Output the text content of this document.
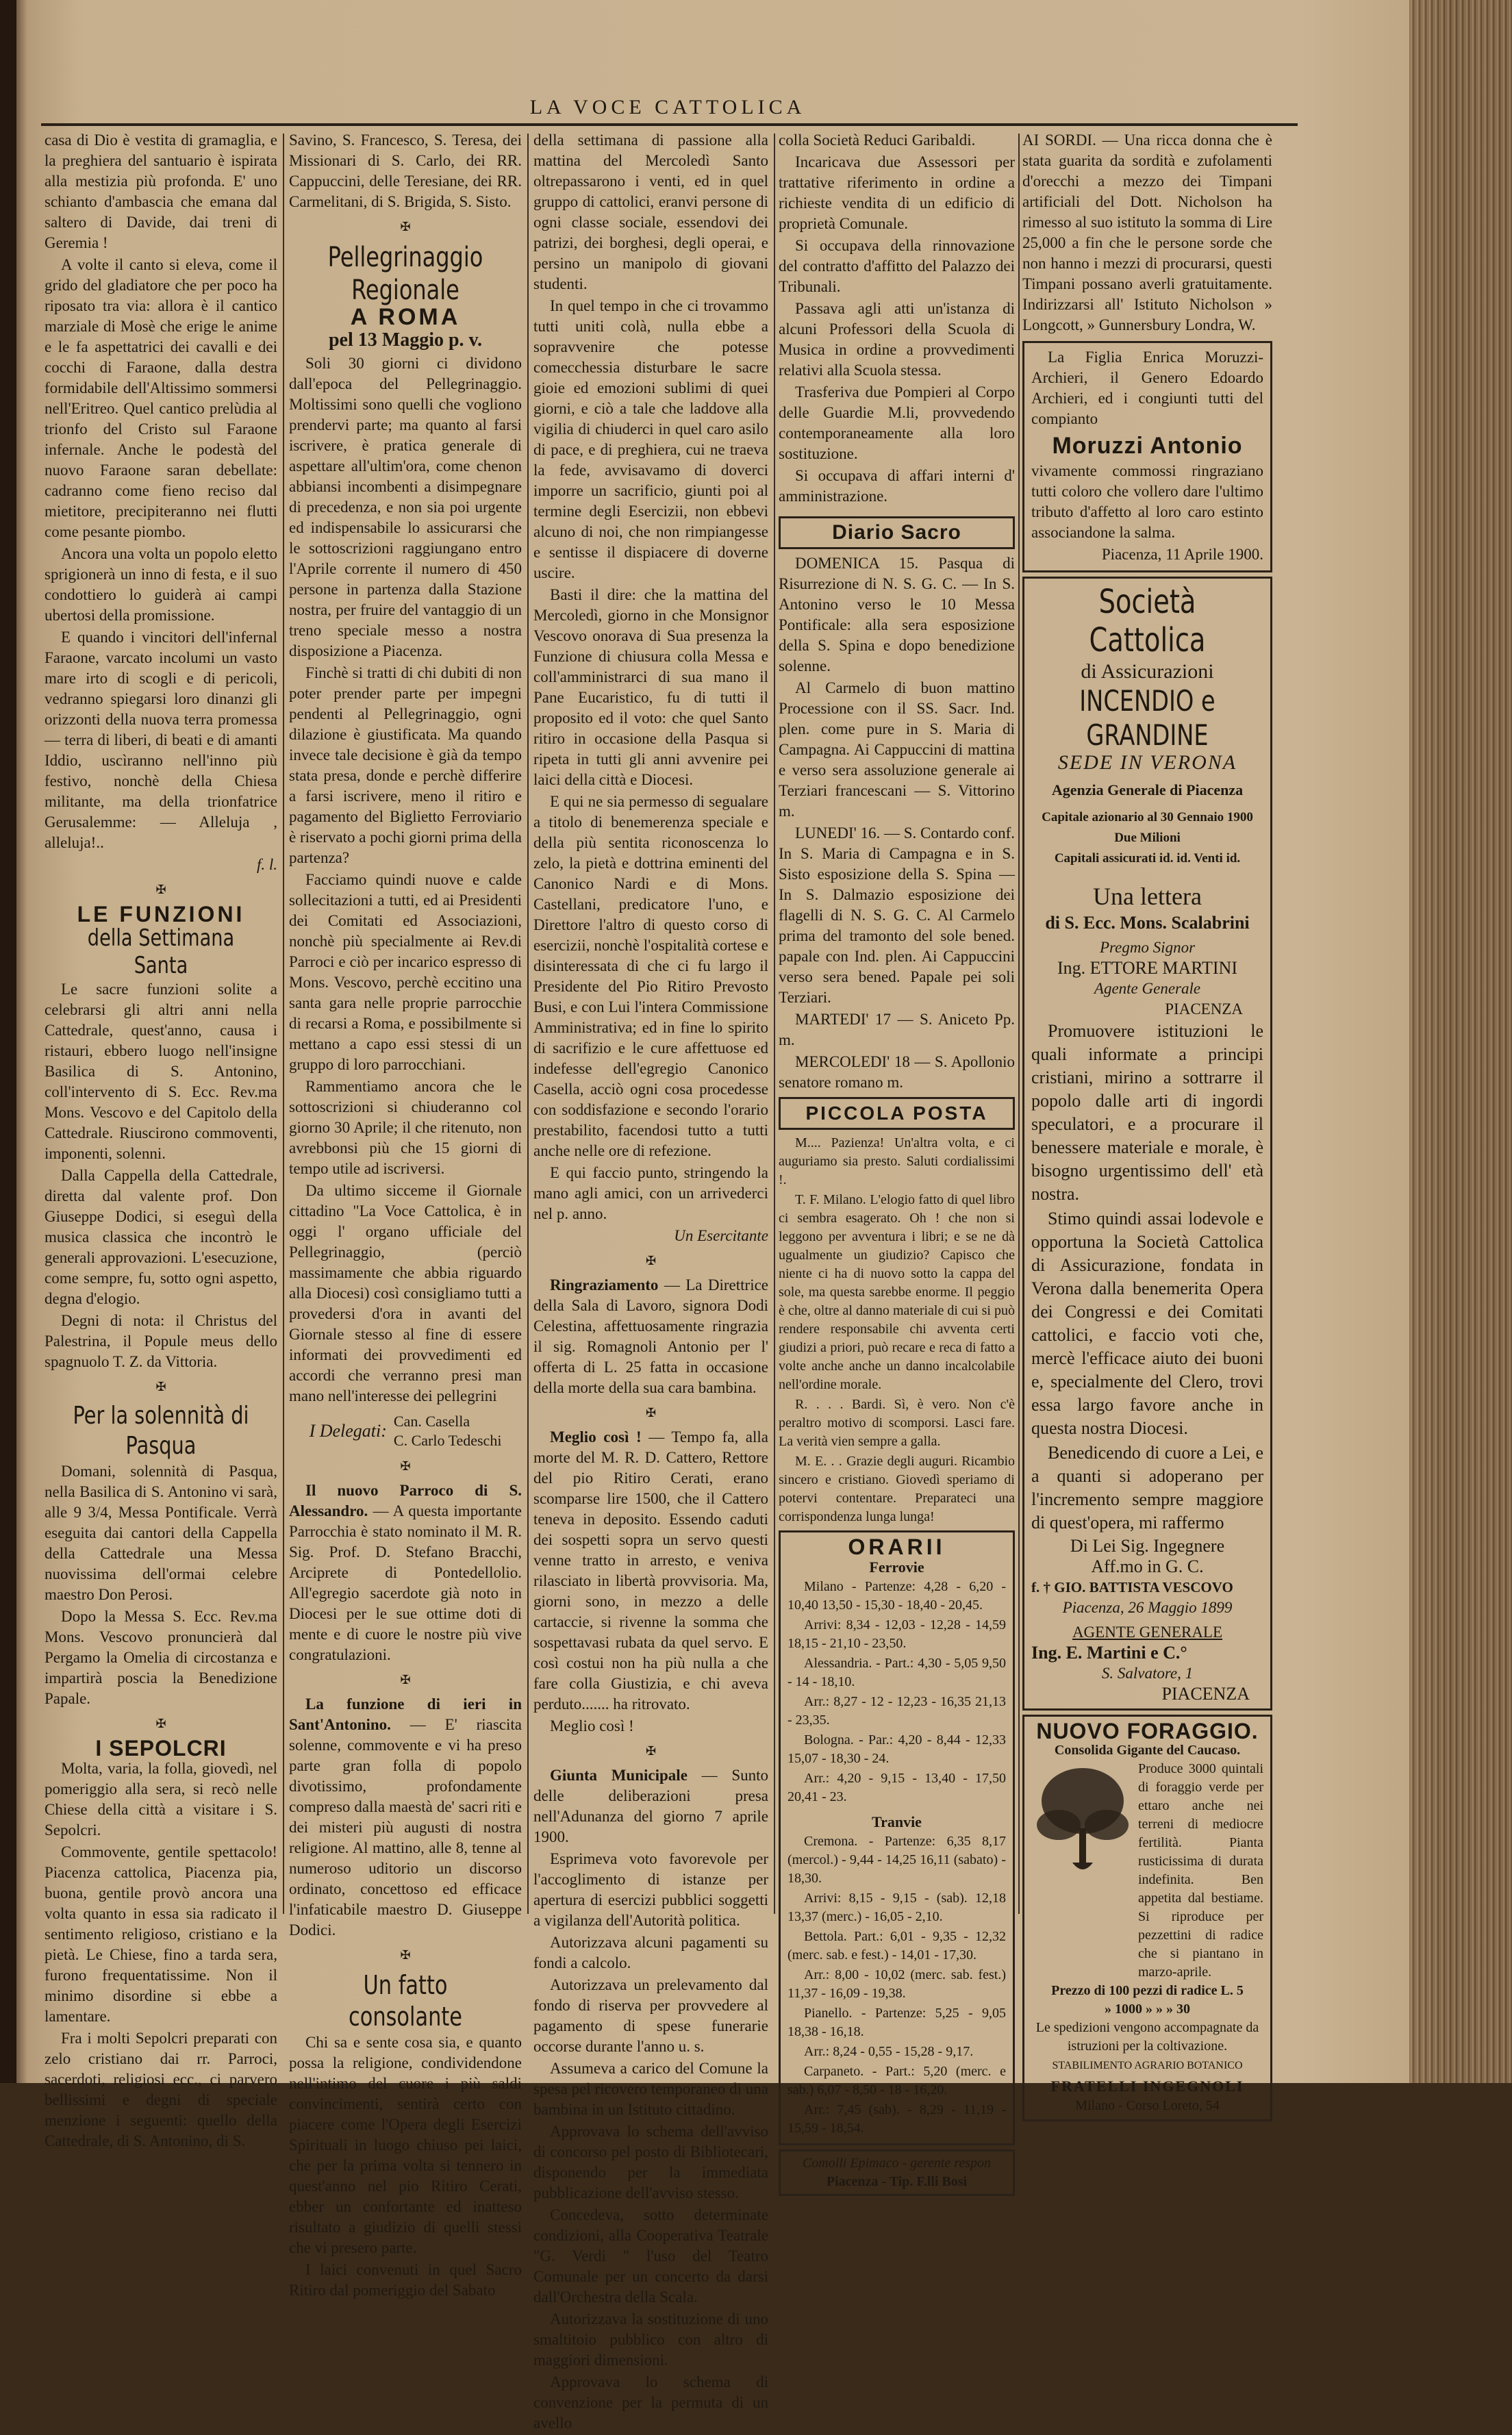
LA VOCE CATTOLICA

casa di Dio è vestita di gramaglia, e la preghiera del santuario è ispirata alla mestizia più profonda. E' uno schianto d'ambascia che emana dal saltero di Davide, dai treni di Geremia !

A volte il canto si eleva, come il grido del gladiatore che per poco ha riposato tra via: allora è il cantico marziale di Mosè che erige le anime e le fa aspettatrici dei cavalli e dei cocchi di Faraone, dalla destra formidabile dell'Altissimo sommersi nell'Eritreo. Quel cantico prelùdia al trionfo del Cristo sul Faraone infernale. Anche le podestà del nuovo Faraone saran debellate: cadranno come fieno reciso dal mietitore, precipiteranno nei flutti come pesante piombo.

Ancora una volta un popolo eletto sprigionerà un inno di festa, e il suo condottiero lo guiderà ai campi ubertosi della promissione.

E quando i vincitori dell'infernal Faraone, varcato incolumi un vasto mare irto di scogli e di pericoli, vedranno spiegarsi loro dinanzi gli orizzonti della nuova terra promessa — terra di liberi, di beati e di amanti Iddio, uscìranno nell'inno più festivo, nonchè della Chiesa militante, ma della trionfatrice Gerusalemme: — Alleluja , alleluja!..

f. l.

✠
LE FUNZIONI
della Settimana Santa

Le sacre funzioni solite a celebrarsi gli altri anni nella Cattedrale, quest'anno, causa i ristauri, ebbero luogo nell'insigne Basilica di S. Antonino, coll'intervento di S. Ecc. Rev.ma Mons. Vescovo e del Capitolo della Cattedrale. Riuscirono commoventi, imponenti, solenni.

Dalla Cappella della Cattedrale, diretta dal valente prof. Don Giuseppe Dodici, si eseguì della musica classica che incontrò le generali approvazioni. L'esecuzione, come sempre, fu, sotto ogni aspetto, degna d'elogio.

Degni di nota: il Christus del Palestrina, il Popule meus dello spagnuolo T. Z. da Vittoria.

✠
Per la solennità di Pasqua

Domani, solennità di Pasqua, nella Basilica di S. Antonino vi sarà, alle 9 3/4, Messa Pontificale. Verrà eseguita dai cantori della Cappella della Cattedrale una Messa nuovissima dell'ormai celebre maestro Don Perosi.

Dopo la Messa S. Ecc. Rev.ma Mons. Vescovo pronuncierà dal Pergamo la Omelia di circostanza e impartirà poscia la Benedizione Papale.

✠
I SEPOLCRI

Molta, varia, la folla, giovedì, nel pomeriggio alla sera, si recò nelle Chiese della città a visitare i S. Sepolcri.

Commovente, gentile spettacolo! Piacenza cattolica, Piacenza pia, buona, gentile provò ancora una volta quanto in essa sia radicato il sentimento religioso, cristiano e la pietà. Le Chiese, fino a tarda sera, furono frequentatissime. Non il minimo disordine si ebbe a lamentare.

Fra i molti Sepolcri preparati con zelo cristiano dai rr. Parroci, sacerdoti, religiosi ecc., ci parvero bellissimi e degni di speciale menzione i seguenti: quello della Cattedrale, di S. Antonino, di S.

Savino, S. Francesco, S. Teresa, dei Missionari di S. Carlo, dei RR. Cappuccini, delle Teresiane, dei RR. Carmelitani, di S. Brigida, S. Sisto.

✠
Pellegrinaggio Regionale
A ROMA
pel 13 Maggio p. v.

Soli 30 giorni ci dividono dall'epoca del Pellegrinaggio. Moltissimi sono quelli che vogliono prendervi parte; ma quanto al farsi iscrivere, è pratica generale di aspettare all'ultim'ora, come chenon abbiansi incombenti a disimpegnare di precedenza, e non sia poi urgente ed indispensabile lo assicurarsi che le sottoscrizioni raggiungano entro l'Aprile corrente il numero di 450 persone in partenza dalla Stazione nostra, per fruire del vantaggio di un treno speciale messo a nostra disposizione a Piacenza.

Finchè si tratti di chi dubiti di non poter prender parte per impegni pendenti al Pellegrinaggio, ogni dilazione è giustificata. Ma quando invece tale decisione è già da tempo stata presa, donde e perchè differire a farsi iscrivere, meno il ritiro e pagamento del Biglietto Ferroviario è riservato a pochi giorni prima della partenza?

Facciamo quindi nuove e calde sollecitazioni a tutti, ed ai Presidenti dei Comitati ed Associazioni, nonchè più specialmente ai Rev.di Parroci e ciò per incarico espresso di Mons. Vescovo, perchè eccitino una santa gara nelle proprie parrocchie di recarsi a Roma, e possibilmente si mettano a capo essi stessi di un gruppo di loro parrocchiani.

Rammentiamo ancora che le sottoscrizioni si chiuderanno col giorno 30 Aprile; il che ritenuto, non avrebbonsi più che 15 giorni di tempo utile ad iscriversi.

Da ultimo sicceme il Giornale cittadino "La Voce Cattolica, è in oggi l' organo ufficiale del Pellegrinaggio, (perciò massimamente che abbia riguardo alla Diocesi) così consigliamo tutti a provedersi d'ora in avanti del Giornale stesso al fine di essere informati dei provvedimenti ed accordi che verranno presi man mano nell'interesse dei pellegrini

I Delegati: Can. Casella
C. Carlo Tedeschi
✠

Il nuovo Parroco di S. Alessandro. — A questa importante Parrocchia è stato nominato il M. R. Sig. Prof. D. Stefano Bracchi, Arciprete di Pontedellolio. All'egregio sacerdote già noto in Diocesi per le sue ottime doti di mente e di cuore le nostre più vive congratulazioni.

✠

La funzione di ieri in Sant'Antonino. — E' riascita solenne, commovente e vi ha preso parte gran folla di popolo divotissimo, profondamente compreso dalla maestà de' sacri riti e dei misteri più augusti di nostra religione. Al mattino, alle 8, tenne al numeroso uditorio un discorso ordinato, concettoso ed efficace l'infaticabile maestro D. Giuseppe Dodici.

✠
Un fatto consolante

Chi sa e sente cosa sia, e quanto possa la religione, condividendone nell'intimo del cuore i più saldi convincimenti, sentirà certo con piacere come l'Opera degli Esercizi Spirituali in luogo chiuso pei laici, che per la prima volta si tennero in quest'anno nel pio Ritiro Cerati, ebber un confortante ed inatteso risultato a giudizio di quelli stessi che vi presero parte.

I laici convenuti in quel Sacro Ritiro dal pomeriggio del Sabato

della settimana di passione alla mattina del Mercoledì Santo oltrepassarono i venti, ed in quel gruppo di cattolici, eranvi persone di ogni classe sociale, essendovi dei patrizi, dei borghesi, degli operai, e persino un manipolo di giovani studenti.

In quel tempo in che ci trovammo tutti uniti colà, nulla ebbe a sopravvenire che potesse comecchessia disturbare le sacre gioie ed emozioni sublimi di quei giorni, e ciò a tale che laddove alla vigilia di chiuderci in quel caro asilo di pace, e di preghiera, cui ne traeva la fede, avvisavamo di doverci imporre un sacrificio, giunti poi al termine degli Esercizii, non ebbevi alcuno di noi, che non rimpiangesse e sentisse il dispiacere di doverne uscire.

Basti il dire: che la mattina del Mercoledì, giorno in che Monsignor Vescovo onorava di Sua presenza la Funzione di chiusura colla Messa e coll'amministrarci di sua mano il Pane Eucaristico, fu di tutti il proposito ed il voto: che quel Santo ritiro in occasione della Pasqua si ripeta in tutti gli anni avvenire pei laici della città e Diocesi.

E qui ne sia permesso di segualare a titolo di benemerenza speciale e della più sentita riconoscenza lo zelo, la pietà e dottrina eminenti del Canonico Nardi e di Mons. Castellani, predicatore l'uno, e Direttore l'altro di questo corso di esercizii, nonchè l'ospitalità cortese e disinteressata di che ci fu largo il Presidente del Pio Ritiro Prevosto Busi, e con Lui l'intera Commissione Amministrativa; ed in fine lo spirito di sacrifizio e le cure affettuose ed indefesse dell'egregio Canonico Casella, acciò ogni cosa procedesse con soddisfazione e secondo l'orario prestabilito, facendosi tutto a tutti anche nelle ore di refezione.

E qui faccio punto, stringendo la mano agli amici, con un arrivederci nel p. anno.

Un Esercitante

✠

Ringraziamento — La Direttrice della Sala di Lavoro, signora Dodi Celestina, affettuosamente ringrazia il sig. Romagnoli Antonio per l' offerta di L. 25 fatta in occasione della morte della sua cara bambina.

✠

Meglio così ! — Tempo fa, alla morte del M. R. D. Cattero, Rettore del pio Ritiro Cerati, erano scomparse lire 1500, che il Cattero teneva in deposito. Essendo caduti dei sospetti sopra un servo questi venne tratto in arresto, e veniva rilasciato in libertà provvisoria. Ma, giorni sono, in mezzo a delle cartaccie, si rivenne la somma che sospettavasi rubata da quel servo. E così costui non ha più nulla a che fare colla Giustizia, e chi aveva perduto....... ha ritrovato.

Meglio così !

✠

Giunta Municipale — Sunto delle deliberazioni presa nell'Adunanza del giorno 7 aprile 1900.

Esprimeva voto favorevole per l'accoglimento di istanze per apertura di esercizi pubblici soggetti a vigilanza dell'Autorità politica.

Autorizzava alcuni pagamenti su fondi a calcolo.

Autorizzava un prelevamento dal fondo di riserva per provvedere al pagamento di spese funerarie occorse durante l'anno u. s.

Assumeva a carico del Comune la spesa pel ricovero temporaneo di una bambina in un Istituto cittadino.

Approvava lo schema dell'avviso di concorso pel posto di Bibliotecari, disponendo per la immediata pubblicazione dell'avviso stesso.

Concedeva, sotto determinate condizioni, alla Cooperativa Teatrale "G. Verdi " l'uso del Teatro Comunale per un concerto da darsi dall'Orchestra della Scala.

Autorizzava la sostituzione di uno smaltitoio pubblico con altro di maggiori dimensioni.

Approvava lo schema di convenzione per la permuta di un avello

colla Società Reduci Garibaldi.

Incaricava due Assessori per trattative riferimento in ordine a richieste vendita di un edificio di proprietà Comunale.

Si occupava della rinnovazione del contratto d'affitto del Palazzo dei Tribunali.

Passava agli atti un'istanza di alcuni Professori della Scuola di Musica in ordine a provvedimenti relativi alla Scuola stessa.

Trasferiva due Pompieri al Corpo delle Guardie M.li, provvedendo contemporaneamente alla loro sostituzione.

Si occupava di affari interni d' amministrazione.

Diario Sacro

DOMENICA 15. Pasqua di Risurrezione di N. S. G. C. — In S. Antonino verso le 10 Messa Pontificale: alla sera esposizione della S. Spina e dopo benedizione solenne.

Al Carmelo di buon mattino Processione con il SS. Sacr. Ind. plen. come pure in S. Maria di Campagna. Ai Cappuccini di mattina e verso sera assoluzione generale ai Terziari francescani — S. Vittorino m.

LUNEDI' 16. — S. Contardo conf. In S. Maria di Campagna e in S. Sisto esposizione della S. Spina — In S. Dalmazio esposizione dei flagelli di N. S. G. C. Al Carmelo prima del tramonto del sole bened. papale con Ind. plen. Ai Cappuccini verso sera bened. Papale pei soli Terziari.

MARTEDI' 17 — S. Aniceto Pp. m.

MERCOLEDI' 18 — S. Apollonio senatore romano m.

PICCOLA POSTA

M.... Pazienza! Un'altra volta, e ci auguriamo sia presto. Saluti cordialissimi !.

T. F. Milano. L'elogio fatto di quel libro ci sembra esagerato. Oh ! che non si leggono per avventura i libri; e se ne dà ugualmente un giudizio? Capisco che niente ci ha di nuovo sotto la cappa del sole, ma questa sarebbe enorme. Il peggio è che, oltre al danno materiale di cui si può rendere responsabile chi avventa certi giudizi a priori, può recare e reca di fatto a volte anche anche un danno incalcolabile nell'ordine morale.

R. . . . Bardi. Sì, è vero. Non c'è peraltro motivo di scomporsi. Lasci fare. La verità vien sempre a galla.

M. E. . . Grazie degli auguri. Ricambio sincero e cristiano. Giovedì speriamo di potervi contentare. Preparateci una corrispondenza lunga lunga!

ORARII
Ferrovie

Milano - Partenze: 4,28 - 6,20 - 10,40 13,50 - 15,30 - 18,40 - 20,45.

Arrivi: 8,34 - 12,03 - 12,28 - 14,59 18,15 - 21,10 - 23,50.

Alessandria. - Part.: 4,30 - 5,05 9,50 - 14 - 18,10.

Arr.: 8,27 - 12 - 12,23 - 16,35 21,13 - 23,35.

Bologna. - Par.: 4,20 - 8,44 - 12,33 15,07 - 18,30 - 24.

Arr.: 4,20 - 9,15 - 13,40 - 17,50 20,41 - 23.

Tranvie

Cremona. - Partenze: 6,35 8,17 (mercol.) - 9,44 - 14,25 16,11 (sabato) - 18,30.

Arrivi: 8,15 - 9,15 - (sab). 12,18 13,37 (merc.) - 16,05 - 2,10.

Bettola. Part.: 6,01 - 9,35 - 12,32 (merc. sab. e fest.) - 14,01 - 17,30.

Arr.: 8,00 - 10,02 (merc. sab. fest.) 11,37 - 16,09 - 19,38.

Pianello. - Partenze: 5,25 - 9,05 18,38 - 16,18.

Arr.: 8,24 - 0,55 - 15,28 - 9,17.

Carpaneto. - Part.: 5,20 (merc. e sab.) 6,07 - 8,50 - 18 - 16,20.

Arr.: 7,45 (sab). - 8,29 - 11,19 - 15,59 - 18,54.

Comolli Epimaco - gerente respon
Piacenza - Tip. F.lli Bosi

AI SORDI. — Una ricca donna che è stata guarita da sordità e zufolamenti d'orecchi a mezzo dei Timpani artificiali del Dott. Nicholson ha rimesso al suo istituto la somma di Lire 25,000 a fin che le persone sorde che non hanno i mezzi di procurarsi, questi Timpani possano averli gratuitamente. Indirizzarsi all' Istituto Nicholson » Longcott, » Gunnersbury Londra, W.

La Figlia Enrica Moruzzi-Archieri, il Genero Edoardo Archieri, ed i congiunti tutti del compianto

Moruzzi Antonio

vivamente commossi ringraziano tutti coloro che vollero dare l'ultimo tributo d'affetto al loro caro estinto associandone la salma.

Piacenza, 11 Aprile 1900.

Società Cattolica
di Assicurazioni
INCENDIO e GRANDINE
SEDE IN VERONA
Agenzia Generale di Piacenza
Capitale azionario al 30 Gennaio 1900 Due Milioni
Capitali assicurati id. id. Venti id.
Una lettera
di S. Ecc. Mons. Scalabrini
Pregmo Signor
Ing. ETTORE MARTINI
Agente Generale
PIACENZA

Promuovere istituzioni le quali informate a principi cristiani, mirino a sottrarre il popolo dalle arti di ingordi speculatori, e a procurare il benessere materiale e morale, è bisogno urgentissimo dell' età nostra.

Stimo quindi assai lodevole e opportuna la Società Cattolica di Assicurazione, fondata in Verona dalla benemerita Opera dei Congressi e dei Comitati cattolici, e faccio voti che, mercè l'efficace aiuto dei buoni e, specialmente del Clero, trovi essa largo favore anche in questa nostra Diocesi.

Benedicendo di cuore a Lei, e a quanti si adoperano per l'incremento sempre maggiore di quest'opera, mi raffermo

Di Lei Sig. Ingegnere
Aff.mo in G. C.
f. † GIO. BATTISTA VESCOVO
Piacenza, 26 Maggio 1899
AGENTE GENERALE
Ing. E. Martini e C.°
S. Salvatore, 1
PIACENZA
NUOVO FORAGGIO.
Consolida Gigante del Caucaso.

Produce 3000 quintali di foraggio verde per ettaro anche nei terreni di mediocre fertilità. Pianta rusticissima di durata indefinita. Ben appetita dal bestiame. Si riproduce per pezzettini di radice che si piantano in marzo-aprile.

Prezzo di 100 pezzi di radice L. 5
» 1000 » » » 30
Le spedizioni vengono accompagnate da istruzioni per la coltivazione.
STABILIMENTO AGRARIO BOTANICO
FRATELLI INGEGNOLI
Milano - Corso Loreto, 54
